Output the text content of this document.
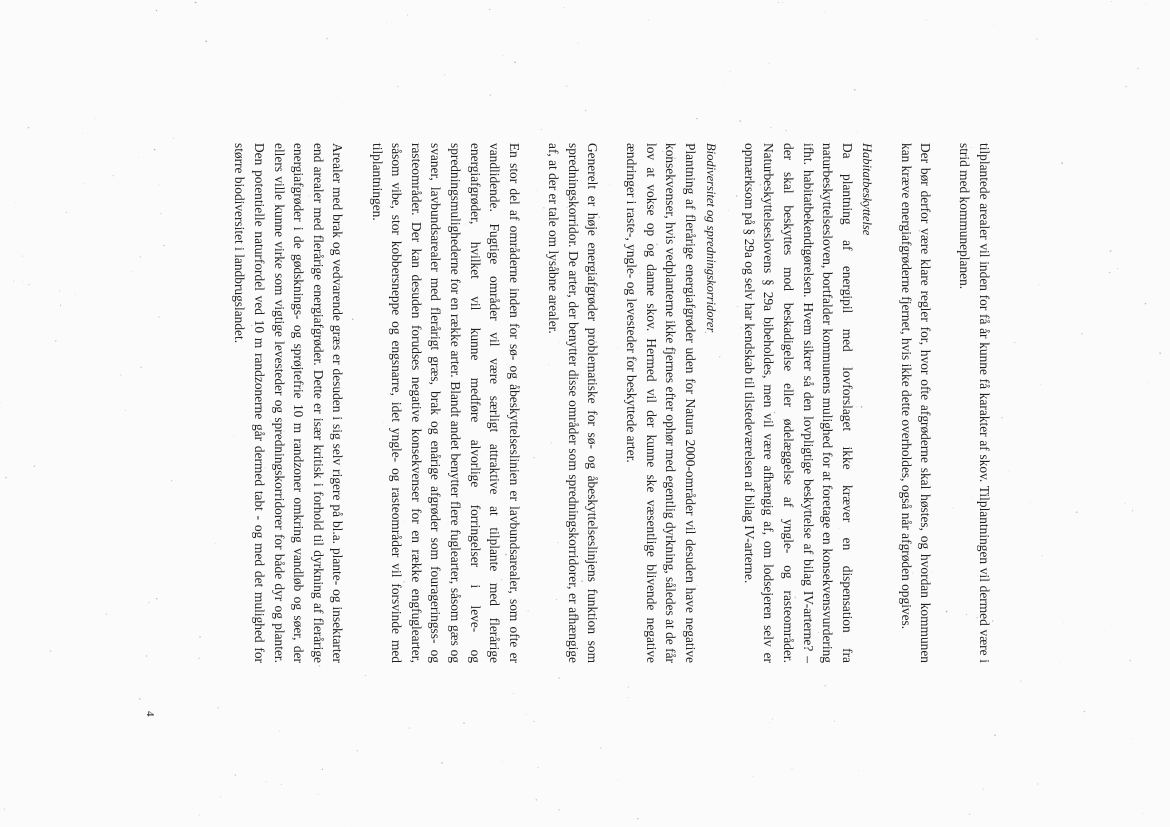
tilplantede arealer vil inden for få år kunne få karakter af skov. Tilplantningen vil dermed være i strid med kommuneplanen.

Der bør derfor være klare regler for, hvor ofte afgrøderne skal høstes, og hvordan kommunen kan kræve energiafgrøderne fjernet, hvis ikke dette overholdes, også når afgrøden opgives.

Habitatbeskyttelse

Da plantning af energipil med lovforslaget ikke kræver en dispensation fra naturbeskyttelsesloven, bortfalder kommunens mulighed for at foretage en konsekvensvurdering ifht. habitatbekendtgørelsen. Hvem sikrer så den lovpligtige beskyttelse af bilag IV-arterne? – der skal beskyttes mod beskadigelse eller ødelæggelse af yngle- og rasteområder. Naturbeskyttelseslovens § 29a bibeholdes, men vil være afhængig af, om lodsejeren selv er opmærksom på § 29a og selv har kendskab til tilstedeværelsen af bilag IV-arterne.

Biodiversitet og spredningskorridorer

Plantning af flerårige energiafgrøder uden for Natura 2000-områder vil desuden have negative konsekvenser, hvis vedplanterne ikke fjernes efter ophør med egentlig dyrkning, således at de får lov at vokse op og danne skov. Hermed vil der kunne ske væsentlige blivende negative ændringer i raste-, yngle- og levesteder for beskyttede arter.

Generelt er høje energiafgrøder problematiske for sø- og åbeskyttelseslinjens funktion som spredningskorridor. De arter, der benytter disse områder som spredningskorridorer, er afhængige af, at der er tale om lysåbne arealer.

En stor del af områderne inden for sø- og åbeskyttelseslinien er lavbundsarealer, som ofte er vandlidende. Fugtige områder vil være særligt attraktive at tilplante med flerårige energiafgrøder, hvilket vil kunne medføre alvorlige forringelser i leve- og spredningsmulighederne for en række arter. Blandt andet benytter flere fuglearter, såsom gæs og svaner, lavbundsarealer med flerårigt græs, brak og enårige afgrøder som fourageringss- og rasteområder. Der kan desuden forudses negative konsekvenser for en række engfuglearter, såsom vibe, stor kobbersneppe og engsnarre, idet yngle- og rasteområder vil forsvinde med tilplantningen.

Arealer med brak og vedvarende græs er desuden i sig selv rigere på bl.a. plante- og insektarter end arealer med flerårige energiafgrøder. Dette er især kritisk i forhold til dyrkning af flerårige energiafgrøder i de gødsknings- og sprøjtefrie 10 m randzoner omkring vandløb og søer, der ellers ville kunne virke som vigtige levesteder og spredningskorridorer for både dyr og planter. Den potentielle naturfordel ved 10 m randzonerne går dermed tabt - og med det mulighed for større biodiversitet i landbrugslandet.

4
